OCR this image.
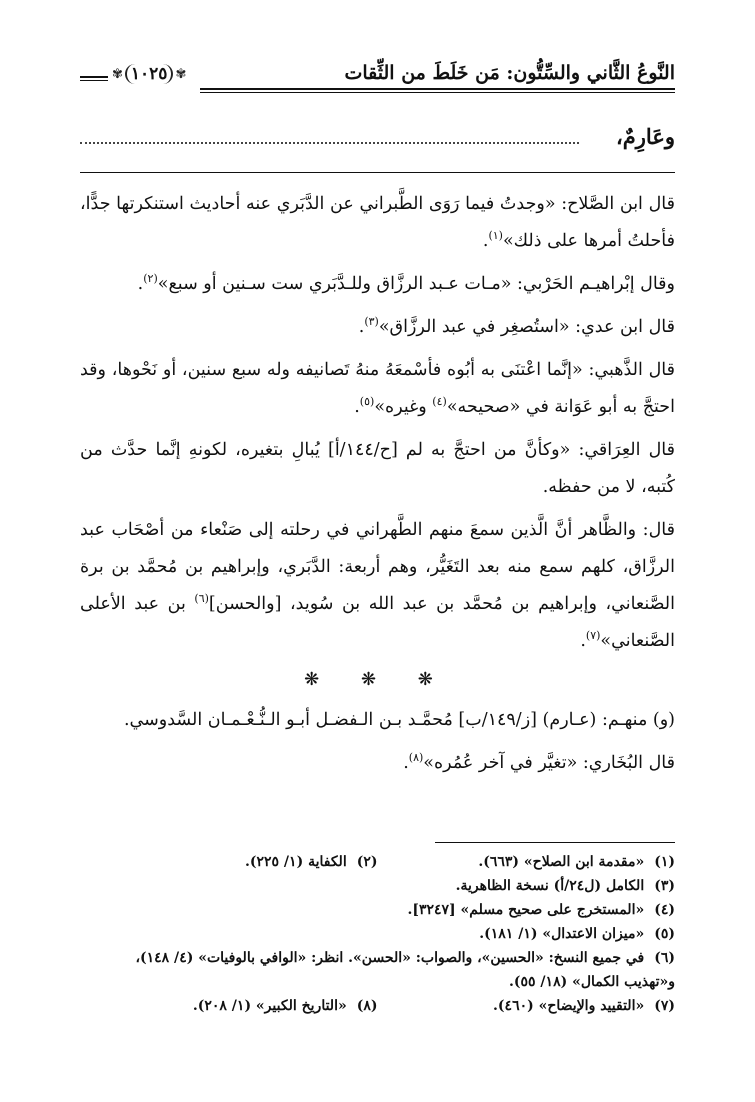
النَّوعُ الثَّاني والسِّتُّون: مَن خَلَطَ من الثِّقات
✾ ١٠٢٥ ✾
وعَارِمٌ،

قال ابن الصَّلاح: «وجدتُ فيما رَوَى الطَّبراني عن الدَّبَري عنه أحاديث استنكرتها جدًّا، فأحلتُ أمرها على ذلك»$^{(١)}$.

وقال إبْراهيـم الحَرْبي: «مـات عـبد الرزَّاق وللـدَّبَري ست سـنين أو سبع»$^{(٢)}$.

قال ابن عدي: «استُصغِر في عبد الرزَّاق»$^{(٣)}$.

قال الذَّهبي: «إنَّما اعْتنَى به أبُوه فأسْمعَهُ منهُ تَصانيفه وله سبع سنين، أو نَحْوها، وقد احتجَّ به أبو عَوَانة في «صحيحه»$^{(٤)}$ وغيره»$^{(٥)}$.

قال العِرَاقي: «وكأنَّ من احتجَّ به لم [ح/١٤٤/أ] يُبالِ بتغيره، لكونهِ إنَّما حدَّث من كُتبه، لا من حفظه.

قال: والظَّاهر أنَّ الَّذين سمعَ منهم الطَّهراني في رحلته إلى صَنْعاء من أصْحَاب عبد الرزَّاق، كلهم سمع منه بعد التَغَيُّر، وهم أربعة: الدَّبَري، وإبراهيم بن مُحمَّد بن برة الصَّنعاني، وإبراهيم بن مُحمَّد بن عبد الله بن سُويد، [والحسن]$^{(٦)}$ بن عبد الأعلى الصَّنعاني»$^{(٧)}$.

❋ ❋ ❋

(و) منهـم: (عـارم) [ز/١٤٩/ب] مُحمَّـد بـن الـفضـل أبـو الـنُّـعْـمـان السَّدوسي.

قال البُخَاري: «تغيَّر في آخر عُمُره»$^{(٨)}$.

(١)«مقدمة ابن الصلاح» (٦٦٣).
(٢)الكفاية (١/ ٢٢٥).
(٣)الكامل (ل٢٤/أ) نسخة الظاهرية.
(٤)«المستخرج على صحيح مسلم» [٣٢٤٧].
(٥)«ميزان الاعتدال» (١/ ١٨١).
(٦)في جميع النسخ: «الحسين»، والصواب: «الحسن». انظر: «الوافي بالوفيات» (٤/ ١٤٨)، و«تهذيب الكمال» (١٨/ ٥٥).
(٧)«التقييد والإيضاح» (٤٦٠).
(٨)«التاريخ الكبير» (١/ ٢٠٨).
